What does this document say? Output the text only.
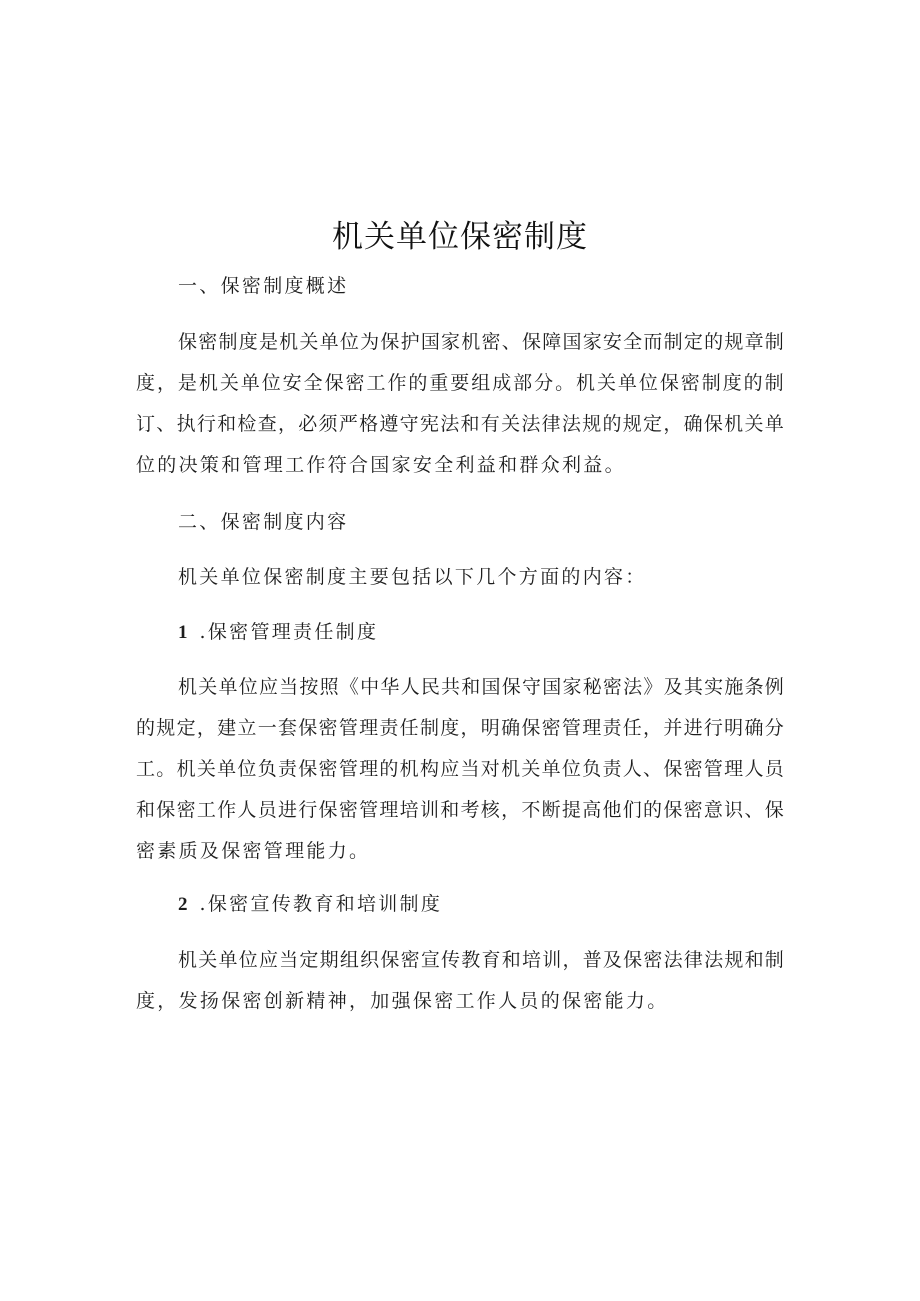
机关单位保密制度
一、保密制度概述
保 密 制 度 是 机 关 单 位 为 保 护 国 家 机 密 、 保 障 国 家 安 全 而 制 定 的 规 章 制
度 ， 是 机 关 单 位 安 全 保 密 工 作 的 重 要 组 成 部 分 。 机 关 单 位 保 密 制 度 的 制
订 、 执 行 和 检 查 ， 必 须 严 格 遵 守 宪 法 和 有 关 法 律 法 规 的 规 定 ， 确 保 机 关 单
位的决策和管理工作符合国家安全利益和群众利益。
二、保密制度内容
机关单位保密制度主要包括以下几个方面的内容：
1 .保密管理责任制度
机 关 单 位 应 当 按 照 《 中 华 人 民 共 和 国 保 守 国 家 秘 密 法 》 及 其 实 施 条 例
的 规 定 ， 建 立 一 套 保 密 管 理 责 任 制 度 ， 明 确 保 密 管 理 责 任 ， 并 进 行 明 确 分
工 。 机 关 单 位 负 责 保 密 管 理 的 机 构 应 当 对 机 关 单 位 负 责 人 、 保 密 管 理 人 员
和 保 密 工 作 人 员 进 行 保 密 管 理 培 训 和 考 核 ， 不 断 提 高 他 们 的 保 密 意 识 、 保
密素质及保密管理能力。
2 .保密宣传教育和培训制度
机 关 单 位 应 当 定 期 组 织 保 密 宣 传 教 育 和 培 训 ， 普 及 保 密 法 律 法 规 和 制
度，发扬保密创新精神，加强保密工作人员的保密能力。
